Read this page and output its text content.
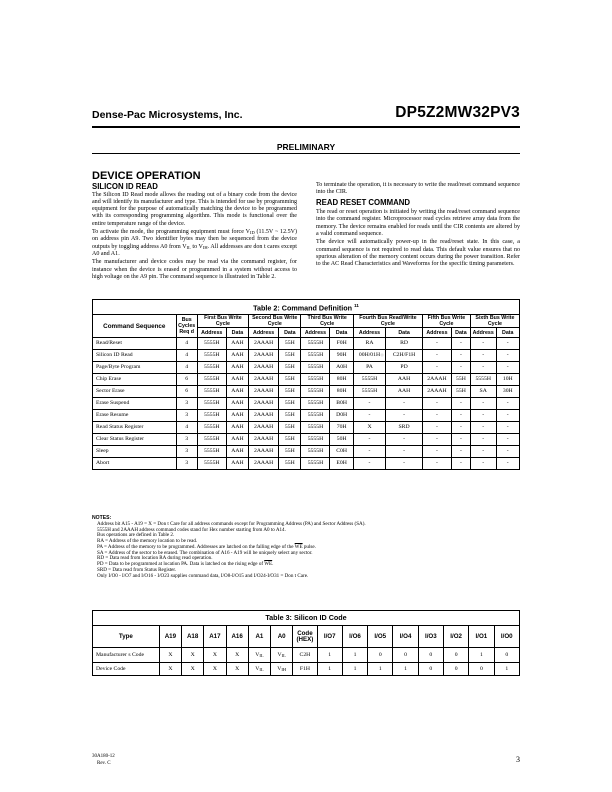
Dense-Pac Microsystems, Inc.	DP5Z2MW32PV3
PRELIMINARY
DEVICE OPERATION
SILICON ID READ

The Silicon ID Read mode allows the reading out of a binary code from the device and will identify its manufacturer and type. This is intended for use by programming equipment for the purpose of automatically matching the device to be programmed with its corresponding programming algorithm. This mode is functional over the entire temperature range of the device.

To activate the mode, the programming equipment must force $V_{ID}$ (11.5V ~ 12.5V) on address pin A9. Two identifier bytes may then be sequenced from the device outputs by toggling address A0 from $V_{IL}$ to $V_{IH}$. All addresses are don t cares except A0 and A1.

The manufacturer and device codes may be read via the command register, for instance when the device is erased or programmed in a system without access to high voltage on the A9 pin. The command sequence is illustrated in Table 2.

To terminate the operation, it is necessary to write the read/reset command sequence into the CIR.

READ RESET COMMAND

The read or reset operation is initiated by writing the read/reset command sequence into the command register. Microprocessor read cycles retrieve array data from the memory. The device remains enabled for reads until the CIR contents are altered by a valid command sequence.

The device will automatically power-up in the read/reset state. In this case, a command sequence is not required to read data. This default value ensures that no spurious alteration of the memory content occurs during the power transition. Refer to the AC Read Characteristics and Waveforms for the specific timing parameters.

•
Table 2: Command Definition $^{11}$
Command Sequence	Bus Cycles Req d	First Bus Write Cycle		Second Bus Write Cycle		Third Bus Write Cycle		Fourth Bus Read/Write Cycle		Fifth Bus Write Cycle		Sixth Bus Write Cycle	
		Address	Data	Address	Data	Address	Data	Address	Data	Address	Data	Address	Data
Read/Reset	4	5555H	AAH	2AAAH	55H	5555H	F0H	RA	RD	-	-	-	-
Silicon ID Read	4	5555H	AAH	2AAAH	55H	5555H	90H	00H/01H	C2H/F1H	-	-	-	-
Page/Byte Program	4	5555H	AAH	2AAAH	55H	5555H	A0H	PA	PD	-	-	-	-
Chip Erase	6	5555H	AAH	2AAAH	55H	5555H	80H	5555H	AAH	2AAAH	55H	5555H	10H
Sector Erase	6	5555H	AAH	2AAAH	55H	5555H	80H	5555H	AAH	2AAAH	55H	SA	30H
Erase Suspend	3	5555H	AAH	2AAAH	55H	5555H	B0H	-	-	-	-	-	-
Erase Resume	3	5555H	AAH	2AAAH	55H	5555H	D0H	-	-	-	-	-	-
Read Status Register	4	5555H	AAH	2AAAH	55H	5555H	70H	X	SRD	-	-	-	-
Clear Status Register	3	5555H	AAH	2AAAH	55H	5555H	50H	-	-	-	-	-	-
Sleep	3	5555H	AAH	2AAAH	55H	5555H	C0H	-	-	-	-	-	-
Abort	3	5555H	AAH	2AAAH	55H	5555H	E0H	-	-	-	-	-	-
NOTES:
Address bit A15 - A19 = X = Don t Care for all address commands except for Programming Address (PA) and Sector Address (SA).
5555H and 2AAAH address command codes stand for Hex number starting from A0 to A14.
Bus operations are defined in Table 2.
RA = Address of the memory location to be read.
PA = Address of the memory to be programmed. Addresses are latched on the falling edge of the $\overline{WE}$ pulse.
SA = Address of the sector to be erased. The combination of A16 - A19 will be uniquely select any sector.
RD = Data read from location RA during read operation.
PD = Data to be programmed at location PA. Data is latched on the rising edge of $\overline{WE}$.
SRD = Data read from Status Register.
Only I/O0 - I/O7 and I/O16 - I/O23 supplies command data, I/O8-I/O15 and I/O24-I/O31 = Don t Care.
Table 3: Silicon ID Code															
Type	A19	A18	A17	A16	A1	A0	Code (HEX)	I/O7	I/O6	I/O5	I/O4	I/O3	I/O2	I/O1	I/O0
Manufacturer s Code	X	X	X	X	$V_{IL}$	$V_{IL}$	C2H	1	1	0	0	0	0	1	0
Device Code	X	X	X	X	$V_{IL}$	$V_{IH}$	F1H	1	1	1	1	0	0	0	1
30A180-12
Rev. C	3
